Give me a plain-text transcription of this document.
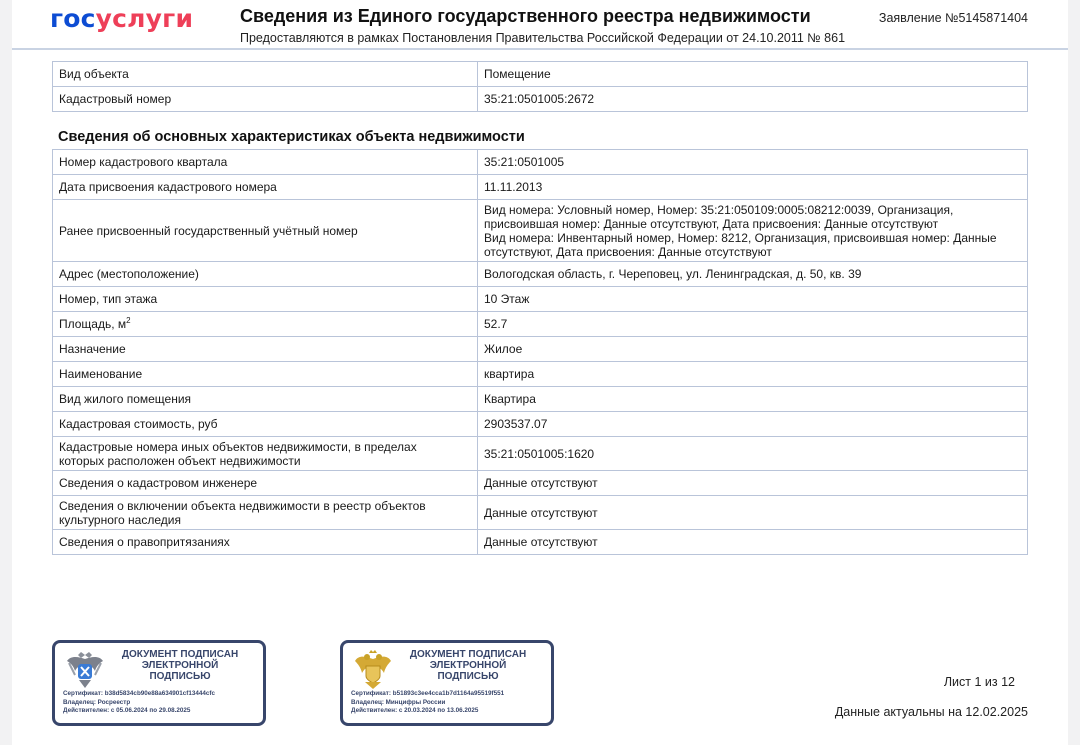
госуслуги	Сведения из Единого государственного реестра недвижимости
Предоставляются в рамках Постановления Правительства Российской Федерации от 24.10.2011 № 861
Заявление №5145871404
Вид объекта	Помещение
Кадастровый номер	35:21:0501005:2672
Сведения об основных характеристиках объекта недвижимости
Номер кадастрового квартала	35:21:0501005
Дата присвоения кадастрового номера	11.11.2013
Ранее присвоенный государственный учётный номер	Вид номера: Условный номер, Номер: 35:21:050109:0005:08212:0039, Организация,
присвоившая номер: Данные отсутствуют, Дата присвоения: Данные отсутствуют
Вид номера: Инвентарный номер, Номер: 8212, Организация, присвоившая номер: Данные
отсутствуют, Дата присвоения: Данные отсутствуют

Адрес (местоположение)	Вологодская область, г. Череповец, ул. Ленинградская, д. 50, кв. 39
Номер, тип этажа	10 Этаж
Площадь, $м^2$	52.7
Назначение	Жилое
Наименование	квартира
Вид жилого помещения	Квартира
Кадастровая стоимость, руб	2903537.07

Кадастровые номера иных объектов недвижимости, в пределах
которых расположен объект недвижимости	35:21:0501005:1620
Сведения о кадастровом инженере	Данные отсутствуют

Сведения о включении объекта недвижимости в реестр объектов
культурного наследия	Данные отсутствуют
Сведения о правопритязаниях	Данные отсутствуют
ДОКУМЕНТ ПОДПИСАН
ЭЛЕКТРОННОЙ
ПОДПИСЬЮ
Сертификат: b38d5834cb90e88a634901cf13444cfc
Владелец: Росреестр
Действителен: с 05.06.2024 по 29.08.2025
ДОКУМЕНТ ПОДПИСАН
ЭЛЕКТРОННОЙ
ПОДПИСЬЮ
Сертификат: b51893c3ee4cca1b7d1164a95519f551
Владелец: Минцифры России
Действителен: с 20.03.2024 по 13.06.2025
Лист 1 из 12
Данные актуальны на 12.02.2025
